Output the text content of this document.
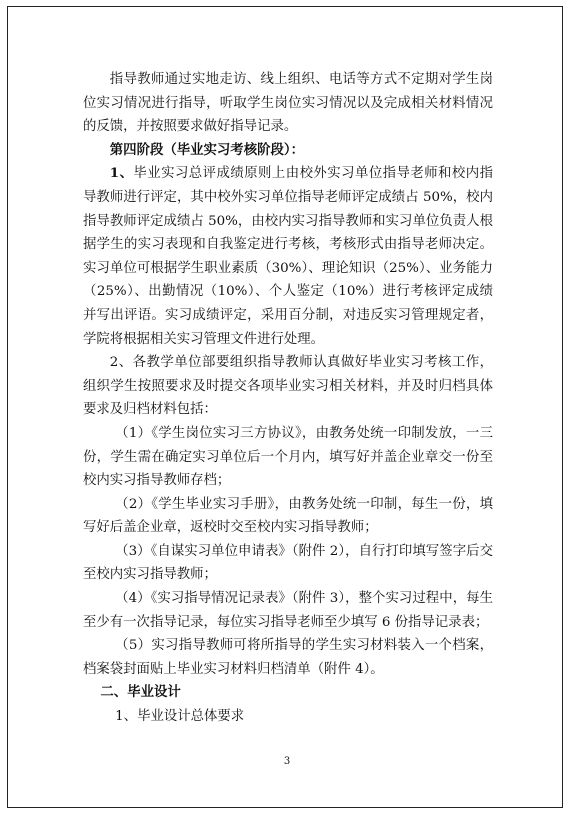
指导教师通过实地走访、线上组织、电话等方式不定期对学生岗位实习情况进行指导，听取学生岗位实习情况以及完成相关材料情况的反馈，并按照要求做好指导记录。

第四阶段（毕业实习考核阶段）：

1、毕业实习总评成绩原则上由校外实习单位指导老师和校内指导教师进行评定，其中校外实习单位指导老师评定成绩占 50%，校内指导教师评定成绩占 50%，由校内实习指导教师和实习单位负责人根据学生的实习表现和自我鉴定进行考核，考核形式由指导老师决定。实习单位可根据学生职业素质（30%）、理论知识（25%）、业务能力（25%）、出勤情况（10%）、个人鉴定（10%）进行考核评定成绩并写出评语。实习成绩评定，采用百分制，对违反实习管理规定者，学院将根据相关实习管理文件进行处理。

2、各教学单位部要组织指导教师认真做好毕业实习考核工作，组织学生按照要求及时提交各项毕业实习相关材料，并及时归档具体要求及归档材料包括：

（1）《学生岗位实习三方协议》，由教务处统一印制发放，一三份，学生需在确定实习单位后一个月内，填写好并盖企业章交一份至校内实习指导教师存档；

（2）《学生毕业实习手册》，由教务处统一印制，每生一份，填写好后盖企业章，返校时交至校内实习指导教师；

（3）《自谋实习单位申请表》（附件 2），自行打印填写签字后交至校内实习指导教师；

（4）《实习指导情况记录表》（附件 3），整个实习过程中，每生至少有一次指导记录，每位实习指导老师至少填写 6 份指导记录表；

（5）实习指导教师可将所指导的学生实习材料装入一个档案，档案袋封面贴上毕业实习材料归档清单（附件 4）。

二、毕业设计

1、毕业设计总体要求

3
